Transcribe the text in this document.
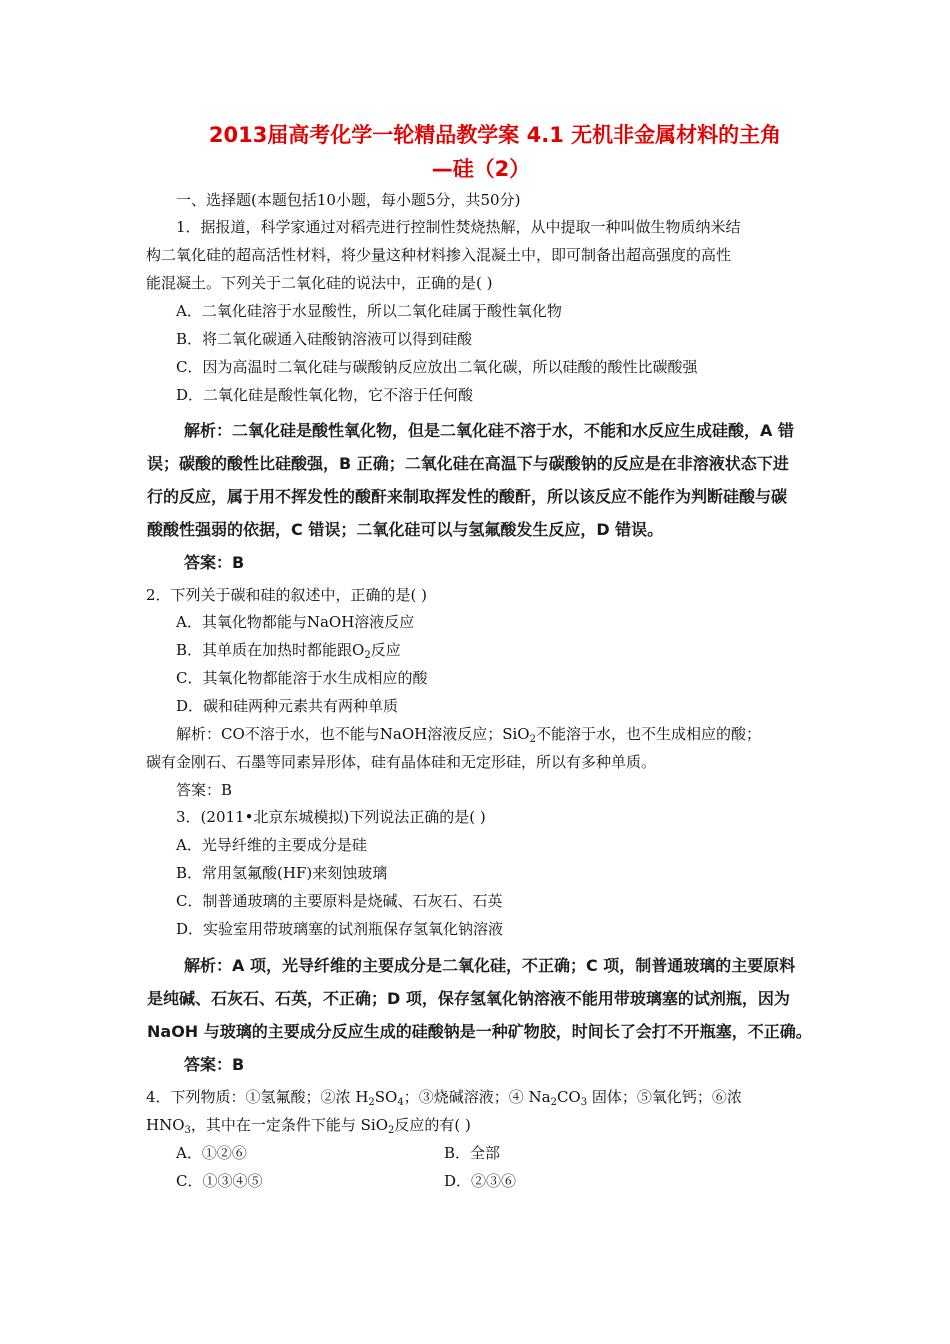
2013届高考化学一轮精品教学案 4.1 无机非金属材料的主角
—硅（2）
一、选择题(本题包括10小题，每小题5分，共50分)
1．据报道，科学家通过对稻壳进行控制性焚烧热解，从中提取一种叫做生物质纳米结
构二氧化硅的超高活性材料，将少量这种材料掺入混凝土中，即可制备出超高强度的高性
能混凝土。下列关于二氧化硅的说法中，正确的是( )
A．二氧化硅溶于水显酸性，所以二氧化硅属于酸性氧化物
B．将二氧化碳通入硅酸钠溶液可以得到硅酸
C．因为高温时二氧化硅与碳酸钠反应放出二氧化碳，所以硅酸的酸性比碳酸强
D．二氧化硅是酸性氧化物，它不溶于任何酸
解析：二氧化硅是酸性氧化物，但是二氧化硅不溶于水，不能和水反应生成硅酸，A 错
误；碳酸的酸性比硅酸强，B 正确；二氧化硅在高温下与碳酸钠的反应是在非溶液状态下进
行的反应，属于用不挥发性的酸酐来制取挥发性的酸酐，所以该反应不能作为判断硅酸与碳
酸酸性强弱的依据，C 错误；二氧化硅可以与氢氟酸发生反应，D 错误。
答案：B
2．下列关于碳和硅的叙述中，正确的是( )
A．其氧化物都能与NaOH溶液反应
B．其单质在加热时都能跟$O_2$反应
C．其氧化物都能溶于水生成相应的酸
D．碳和硅两种元素共有两种单质
解析：CO不溶于水，也不能与NaOH溶液反应；SiO$_2$不能溶于水，也不生成相应的酸；
碳有金刚石、石墨等同素异形体，硅有晶体硅和无定形硅，所以有多种单质。
答案：B
3．(2011•北京东城模拟)下列说法正确的是( )
A．光导纤维的主要成分是硅
B．常用氢氟酸(HF)来刻蚀玻璃
C．制普通玻璃的主要原料是烧碱、石灰石、石英
D．实验室用带玻璃塞的试剂瓶保存氢氧化钠溶液
解析：A 项，光导纤维的主要成分是二氧化硅，不正确；C 项，制普通玻璃的主要原料
是纯碱、石灰石、石英，不正确；D 项，保存氢氧化钠溶液不能用带玻璃塞的试剂瓶，因为
NaOH 与玻璃的主要成分反应生成的硅酸钠是一种矿物胶，时间长了会打不开瓶塞，不正确。
答案：B
4．下列物质：①氢氟酸；②浓 $H_2SO_4$；③烧碱溶液；④ $Na_2CO_3$ 固体；⑤氧化钙；⑥浓
$HNO_3$，其中在一定条件下能与 SiO$_2$反应的有( )
A．①②⑥	B．全部
C．①③④⑤	D．②③⑥
